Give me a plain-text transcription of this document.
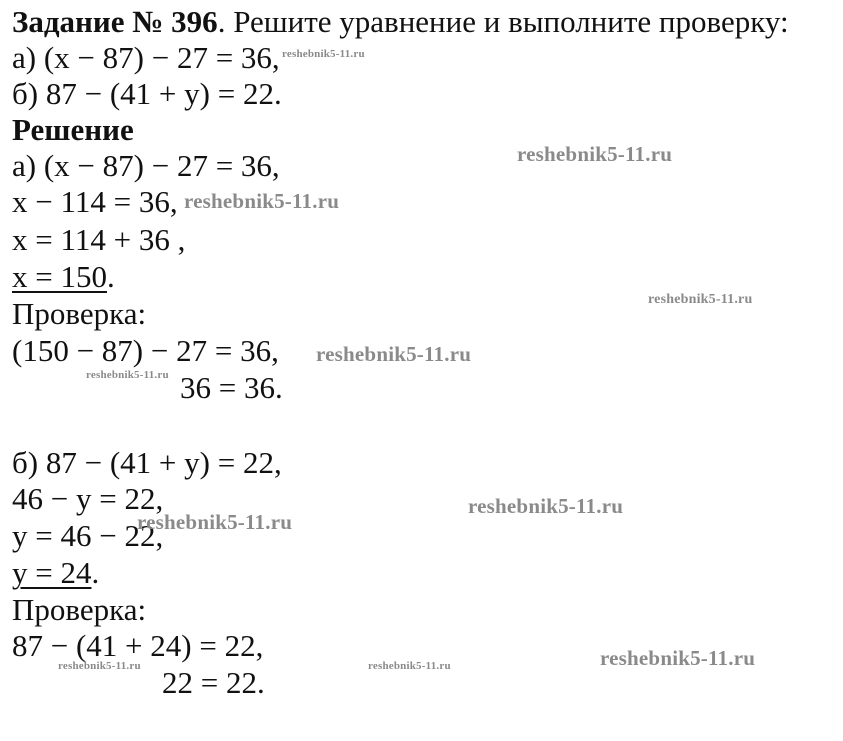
Задание № 396. Решите уравнение и выполните проверку:
а) (x − 87) − 27 = 36,
б) 87 − (41 + y) = 22.
Решение
а) (x − 87) − 27 = 36,
x − 114 = 36,
x = 114 + 36 ,
x = 150.
Проверка:
(150 − 87) − 27 = 36,
36 = 36.
б) 87 − (41 + y) = 22,
46 − y = 22,
y = 46 − 22,
y = 24.
Проверка:
87 − (41 + 24) = 22,
22 = 22.
reshebnik5-11.ru
reshebnik5-11.ru
reshebnik5-11.ru
reshebnik5-11.ru
reshebnik5-11.ru
reshebnik5-11.ru
reshebnik5-11.ru
reshebnik5-11.ru
reshebnik5-11.ru
reshebnik5-11.ru	reshebnik5-11.ru
